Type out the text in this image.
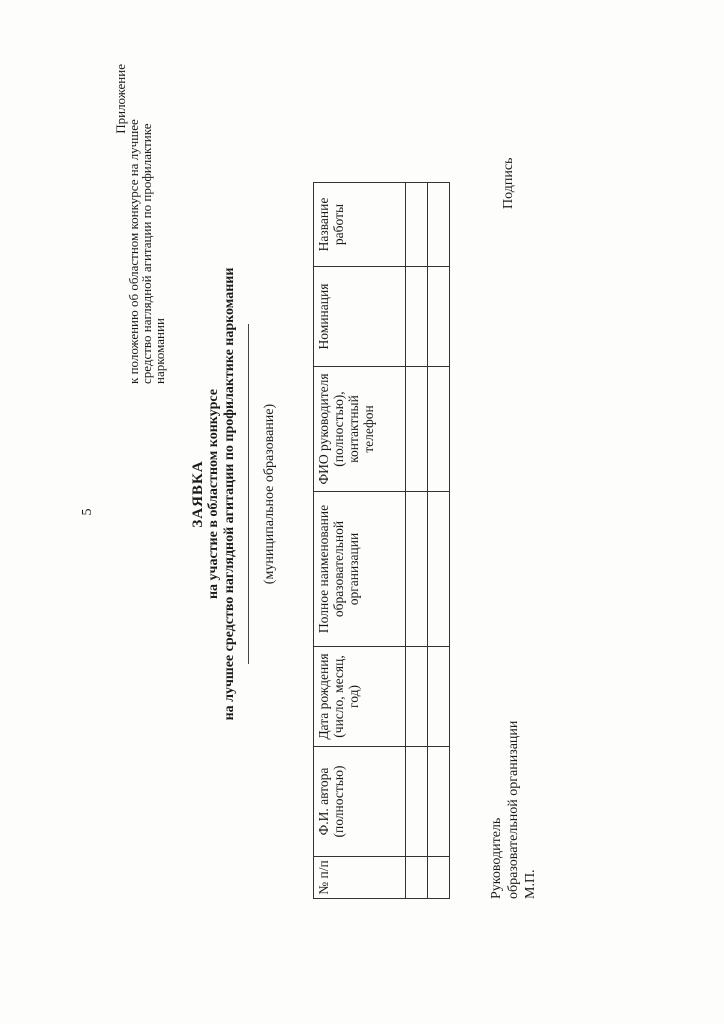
5
Приложение
к положению об областном конкурсе на лучшее
средство наглядной агитации по профилактике
наркомании
ЗАЯВКА на участие в областном конкурсе на лучшее средство наглядной агитации по профилактике наркомании (муниципальное образование)
№ п/п	Ф.И. автора (полностью)	Дата рождения (число, месяц, год)	Полное наименование образовательной организации	ФИО руководителя (полностью), контактный телефон	Номинация	Название работы

Руководитель образовательной организации М.П.
Подпись
